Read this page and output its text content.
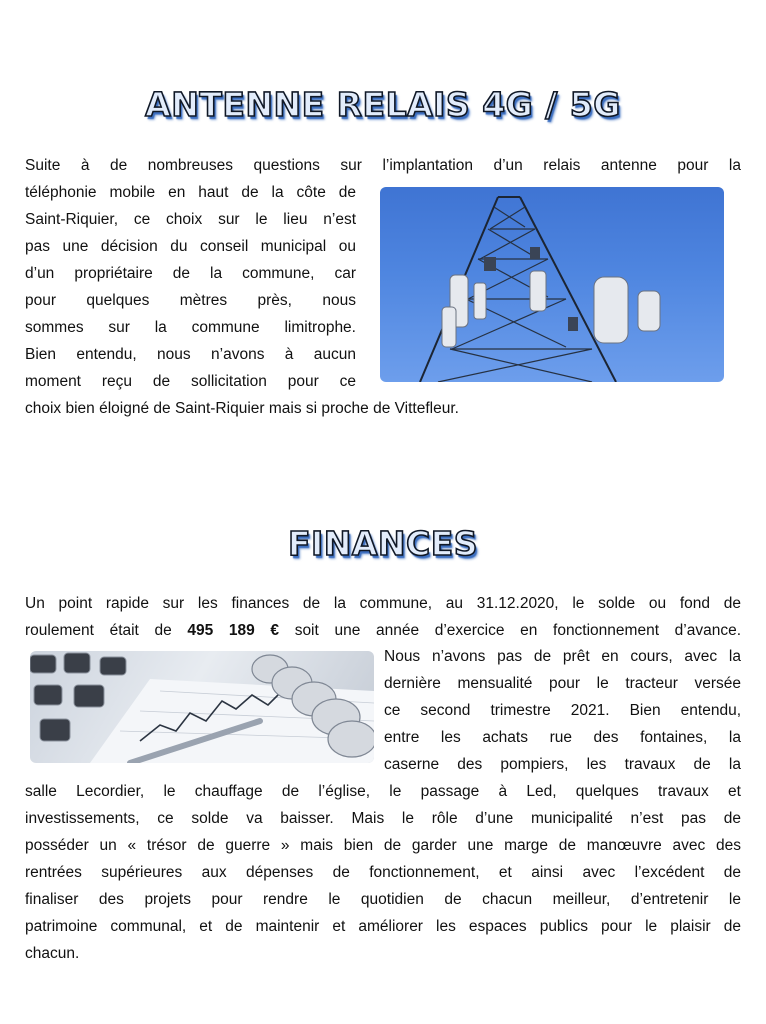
ANTENNE RELAIS 4G / 5G
Suite à de nombreuses questions sur l’implantation d’un relais antenne pour la
téléphonie mobile en haut de la côte de
Saint-Riquier, ce choix sur le lieu n’est
pas une décision du conseil municipal ou
d’un propriétaire de la commune, car
pour quelques mètres près, nous
sommes sur la commune limitrophe.
Bien entendu, nous n’avons à aucun
moment reçu de sollicitation pour ce
choix bien éloigné de Saint-Riquier mais si proche de Vittefleur.
FINANCES
Un point rapide sur les finances de la commune, au 31.12.2020, le solde ou fond de
roulement était de 495 189 € soit une année d’exercice en fonctionnement d’avance.
Nous n’avons pas de prêt en cours, avec la
dernière mensualité pour le tracteur versée
ce second trimestre 2021. Bien entendu,
entre les achats rue des fontaines, la
caserne des pompiers, les travaux de la
salle Lecordier, le chauffage de l’église, le passage à Led, quelques travaux et
investissements, ce solde va baisser. Mais le rôle d’une municipalité n’est pas de
posséder un « trésor de guerre » mais bien de garder une marge de manœuvre avec des
rentrées supérieures aux dépenses de fonctionnement, et ainsi avec l’excédent de
finaliser des projets pour rendre le quotidien de chacun meilleur, d’entretenir le
patrimoine communal, et de maintenir et améliorer les espaces publics pour le plaisir de
chacun.
